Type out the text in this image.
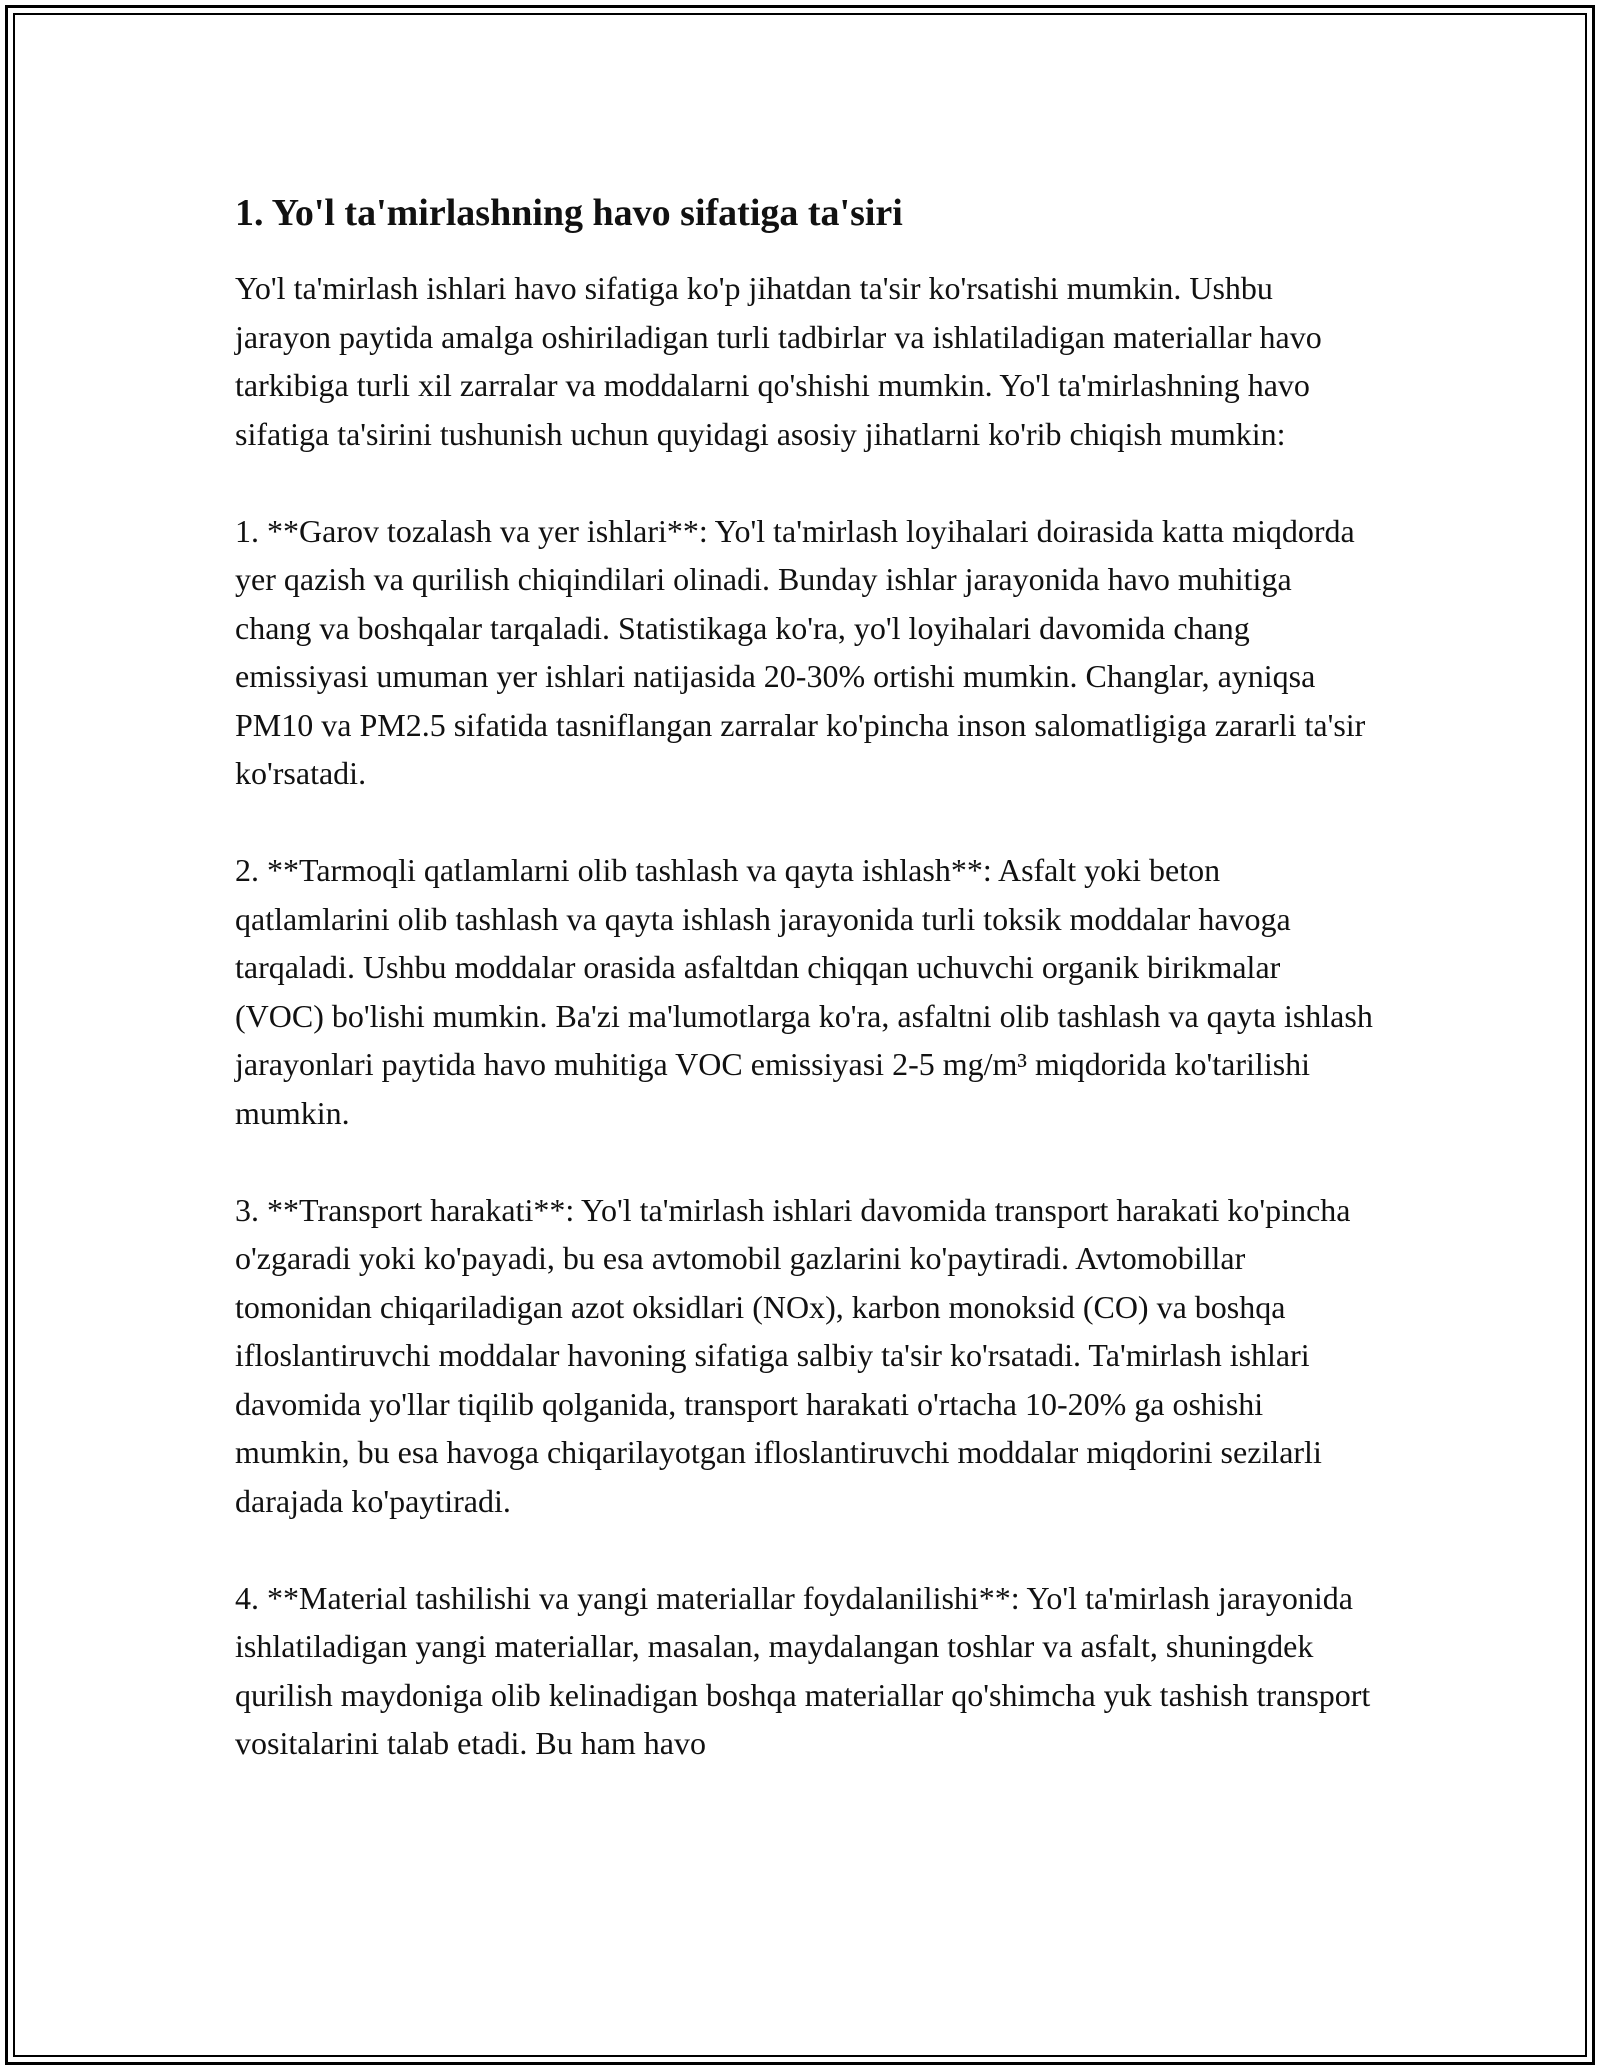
1. Yo'l ta'mirlashning havo sifatiga ta'siri

Yo'l ta'mirlash ishlari havo sifatiga ko'p jihatdan ta'sir ko'rsatishi mumkin. Ushbu jarayon paytida amalga oshiriladigan turli tadbirlar va ishlatiladigan materiallar havo tarkibiga turli xil zarralar va moddalarni qo'shishi mumkin. Yo'l ta'mirlashning havo sifatiga ta'sirini tushunish uchun quyidagi asosiy jihatlarni ko'rib chiqish mumkin:

1. **Garov tozalash va yer ishlari**: Yo'l ta'mirlash loyihalari doirasida katta miqdorda yer qazish va qurilish chiqindilari olinadi. Bunday ishlar jarayonida havo muhitiga chang va boshqalar tarqaladi. Statistikaga ko'ra, yo'l loyihalari davomida chang emissiyasi umuman yer ishlari natijasida 20-30% ortishi mumkin. Changlar, ayniqsa PM10 va PM2.5 sifatida tasniflangan zarralar ko'pincha inson salomatligiga zararli ta'sir ko'rsatadi.

2. **Tarmoqli qatlamlarni olib tashlash va qayta ishlash**: Asfalt yoki beton qatlamlarini olib tashlash va qayta ishlash jarayonida turli toksik moddalar havoga tarqaladi. Ushbu moddalar orasida asfaltdan chiqqan uchuvchi organik birikmalar (VOC) bo'lishi mumkin. Ba'zi ma'lumotlarga ko'ra, asfaltni olib tashlash va qayta ishlash jarayonlari paytida havo muhitiga VOC emissiyasi 2-5 mg/m³ miqdorida ko'tarilishi mumkin.

3. **Transport harakati**: Yo'l ta'mirlash ishlari davomida transport harakati ko'pincha o'zgaradi yoki ko'payadi, bu esa avtomobil gazlarini ko'paytiradi. Avtomobillar tomonidan chiqariladigan azot oksidlari (NOx), karbon monoksid (CO) va boshqa ifloslantiruvchi moddalar havoning sifatiga salbiy ta'sir ko'rsatadi. Ta'mirlash ishlari davomida yo'llar tiqilib qolganida, transport harakati o'rtacha 10-20% ga oshishi mumkin, bu esa havoga chiqarilayotgan ifloslantiruvchi moddalar miqdorini sezilarli darajada ko'paytiradi.

4. **Material tashilishi va yangi materiallar foydalanilishi**: Yo'l ta'mirlash jarayonida ishlatiladigan yangi materiallar, masalan, maydalangan toshlar va asfalt, shuningdek qurilish maydoniga olib kelinadigan boshqa materiallar qo'shimcha yuk tashish transport vositalarini talab etadi. Bu ham havo
